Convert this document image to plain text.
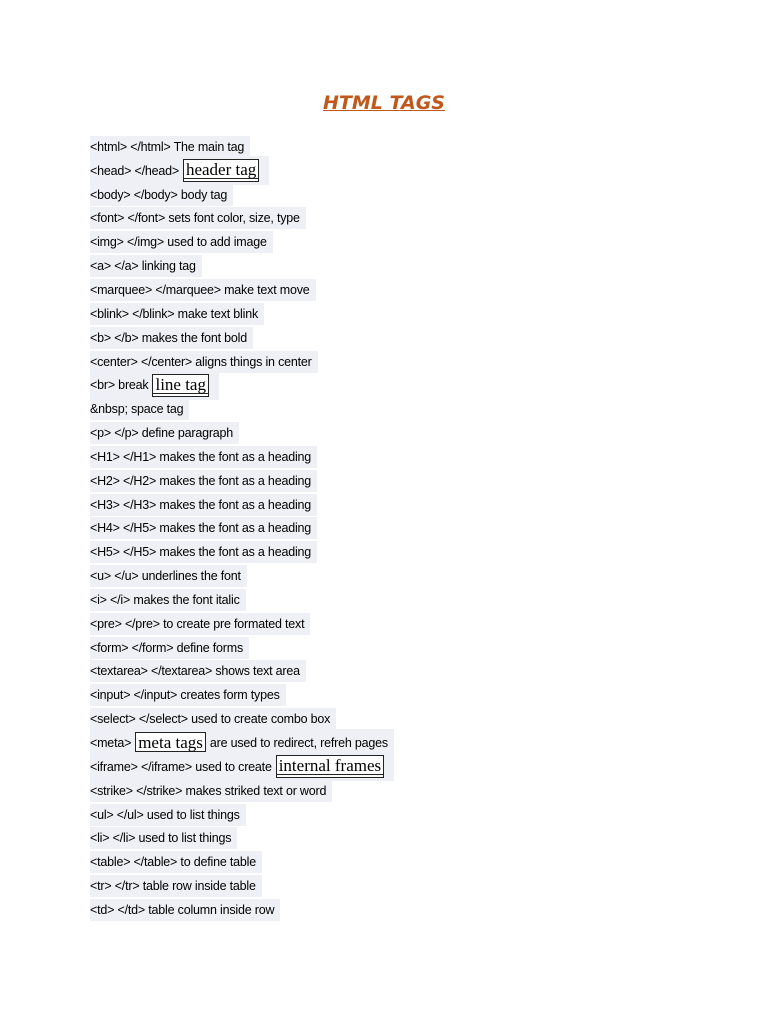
HTML TAGS
<html> </html> The main tag
<head> </head> header tag
<body> </body> body tag
<font> </font> sets font color, size, type
<img> </img> used to add image
<a> </a> linking tag
<marquee> </marquee> make text move
<blink> </blink> make text blink
<b> </b> makes the font bold
<center> </center> aligns things in center
<br> break line tag
&nbsp; space tag
<p> </p> define paragraph
<H1> </H1> makes the font as a heading
<H2> </H2> makes the font as a heading
<H3> </H3> makes the font as a heading
<H4> </H5> makes the font as a heading
<H5> </H5> makes the font as a heading
<u> </u> underlines the font
<i> </i> makes the font italic
<pre> </pre> to create pre formated text
<form> </form> define forms
<textarea> </textarea> shows text area
<input> </input> creates form types
<select> </select> used to create combo box
<meta> meta tags are used to redirect, refreh pages
<iframe> </iframe> used to create internal frames
<strike> </strike> makes striked text or word
<ul> </ul> used to list things
<li> </li> used to list things
<table> </table> to define table
<tr> </tr> table row inside table
<td> </td> table column inside row
